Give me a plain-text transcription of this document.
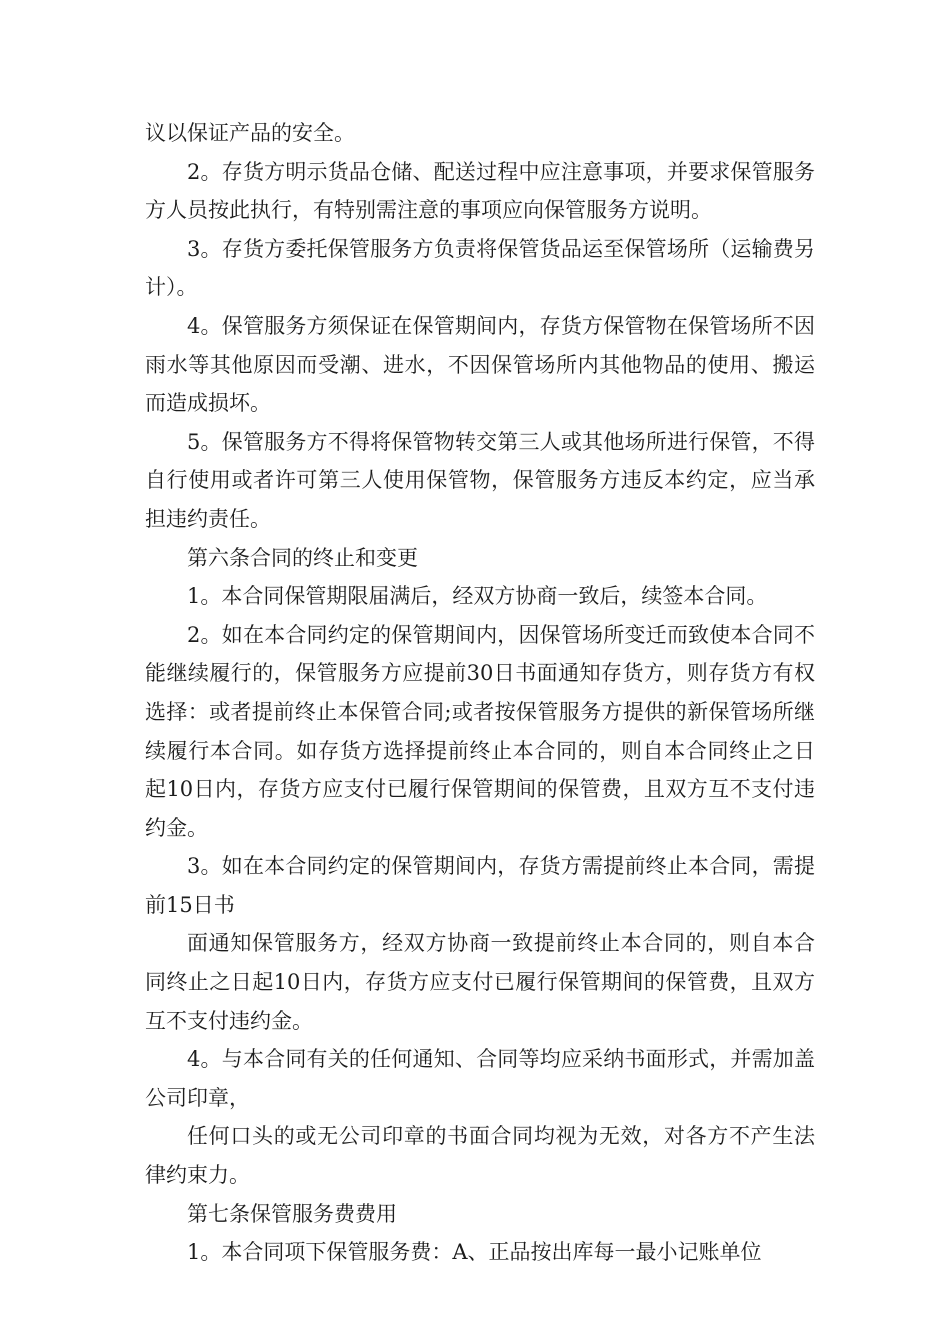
议以保证产品的安全。

2。存货方明示货品仓储、配送过程中应注意事项，并要求保管服务方人员按此执行，有特别需注意的事项应向保管服务方说明。

3。存货方委托保管服务方负责将保管货品运至保管场所（运输费另计）。

4。保管服务方须保证在保管期间内，存货方保管物在保管场所不因雨水等其他原因而受潮、进水，不因保管场所内其他物品的使用、搬运而造成损坏。

5。保管服务方不得将保管物转交第三人或其他场所进行保管，不得自行使用或者许可第三人使用保管物，保管服务方违反本约定，应当承担违约责任。

第六条合同的终止和变更

1。本合同保管期限届满后，经双方协商一致后，续签本合同。

2。如在本合同约定的保管期间内，因保管场所变迁而致使本合同不能继续履行的，保管服务方应提前30日书面通知存货方，则存货方有权选择：或者提前终止本保管合同;或者按保管服务方提供的新保管场所继续履行本合同。如存货方选择提前终止本合同的，则自本合同终止之日起10日内，存货方应支付已履行保管期间的保管费，且双方互不支付违约金。

3。如在本合同约定的保管期间内，存货方需提前终止本合同，需提前15日书

面通知保管服务方，经双方协商一致提前终止本合同的，则自本合同终止之日起10日内，存货方应支付已履行保管期间的保管费，且双方互不支付违约金。

4。与本合同有关的任何通知、合同等均应采纳书面形式，并需加盖公司印章，

任何口头的或无公司印章的书面合同均视为无效，对各方不产生法律约束力。

第七条保管服务费费用

1。本合同项下保管服务费：A、正品按出库每一最小记账单位
